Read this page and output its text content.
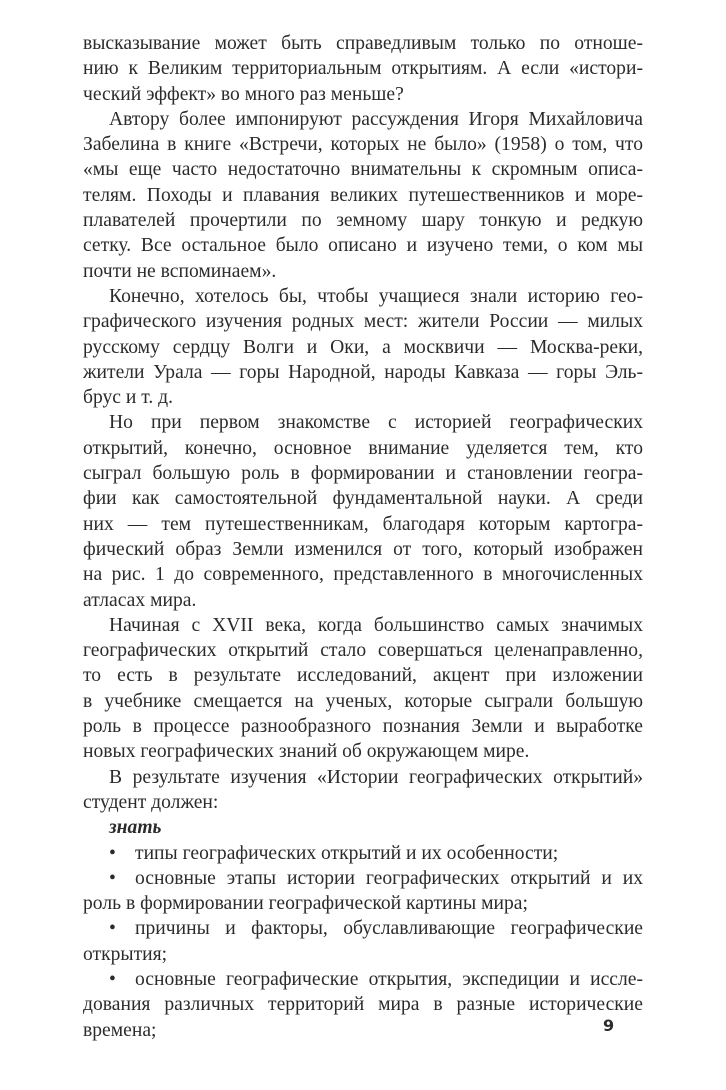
высказывание может быть справедливым только по отноше-
нию к Великим территориальным открытиям. А если «истори-
ческий эффект» во много раз меньше?
Автору более импонируют рассуждения Игоря Михайловича
Забелина в книге «Встречи, которых не было» (1958) о том, что
«мы еще часто недостаточно внимательны к скромным описа-
телям. Походы и плавания великих путешественников и море-
плавателей прочертили по земному шару тонкую и редкую
сетку. Все остальное было описано и изучено теми, о ком мы
почти не вспоминаем».
Конечно, хотелось бы, чтобы учащиеся знали историю гео-
графического изучения родных мест: жители России — милых
русскому сердцу Волги и Оки, а москвичи — Москва-реки,
жители Урала — горы Народной, народы Кавказа — горы Эль-
брус и т. д.
Но при первом знакомстве с историей географических
открытий, конечно, основное внимание уделяется тем, кто
сыграл большую роль в формировании и становлении геогра-
фии как самостоятельной фундаментальной науки. А среди
них — тем путешественникам, благодаря которым картогра-
фический образ Земли изменился от того, который изображен
на рис. 1 до современного, представленного в многочисленных
атласах мира.
Начиная с XVII века, когда большинство самых значимых
географических открытий стало совершаться целенаправленно,
то есть в результате исследований, акцент при изложении
в учебнике смещается на ученых, которые сыграли большую
роль в процессе разнообразного познания Земли и выработке
новых географических знаний об окружающем мире.
В результате изучения «Истории географических открытий»
студент должен:
знать
• типы географических открытий и их особенности;
• основные этапы истории географических открытий и их
роль в формировании географической картины мира;
• причины и факторы, обуславливающие географические
открытия;
• основные географические открытия, экспедиции и иссле-
дования различных территорий мира в разные исторические
времена;	9
